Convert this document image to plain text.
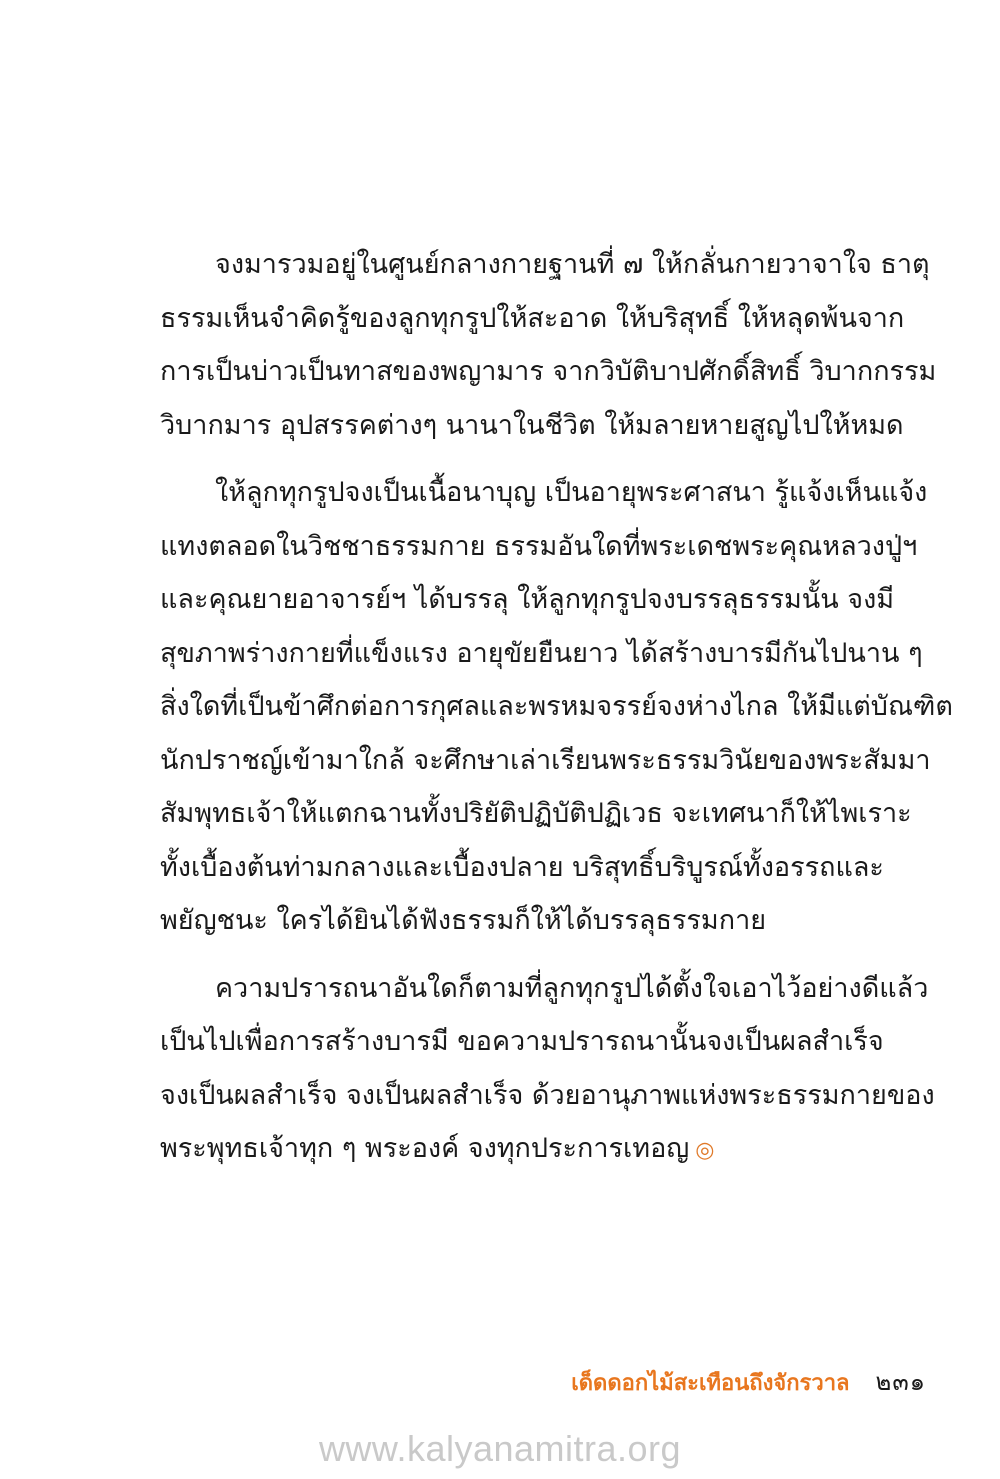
จงมารวมอยู่ในศูนย์กลางกายฐานที่ ๗ ให้กลั่นกายวาจาใจ ธาตุ
ธรรมเห็นจำคิดรู้ของลูกทุกรูปให้สะอาด ให้บริสุทธิ์ ให้หลุดพ้นจาก
การเป็นบ่าวเป็นทาสของพญามาร จากวิบัติบาปศักดิ์สิทธิ์ วิบากกรรม
วิบากมาร อุปสรรคต่างๆ นานาในชีวิต ให้มลายหายสูญไปให้หมด

ให้ลูกทุกรูปจงเป็นเนื้อนาบุญ เป็นอายุพระศาสนา รู้แจ้งเห็นแจ้ง
แทงตลอดในวิชชาธรรมกาย ธรรมอันใดที่พระเดชพระคุณหลวงปู่ฯ
และคุณยายอาจารย์ฯ ได้บรรลุ ให้ลูกทุกรูปจงบรรลุธรรมนั้น จงมี
สุขภาพร่างกายที่แข็งแรง อายุขัยยืนยาว ได้สร้างบารมีกันไปนาน ๆ
สิ่งใดที่เป็นข้าศึกต่อการกุศลและพรหมจรรย์จงห่างไกล ให้มีแต่บัณฑิต
นักปราชญ์เข้ามาใกล้ จะศึกษาเล่าเรียนพระธรรมวินัยของพระสัมมา
สัมพุทธเจ้าให้แตกฉานทั้งปริยัติปฏิบัติปฏิเวธ จะเทศนาก็ให้ไพเราะ
ทั้งเบื้องต้นท่ามกลางและเบื้องปลาย บริสุทธิ์บริบูรณ์ทั้งอรรถและ
พยัญชนะ ใครได้ยินได้ฟังธรรมก็ให้ได้บรรลุธรรมกาย

ความปรารถนาอันใดก็ตามที่ลูกทุกรูปได้ตั้งใจเอาไว้อย่างดีแล้ว
เป็นไปเพื่อการสร้างบารมี ขอความปรารถนานั้นจงเป็นผลสำเร็จ
จงเป็นผลสำเร็จ จงเป็นผลสำเร็จ ด้วยอานุภาพแห่งพระธรรมกายของ
พระพุทธเจ้าทุก ๆ พระองค์ จงทุกประการเทอญ ◎

เด็ดดอกไม้สะเทือนถึงจักรวาล ๒๓๑
www.kalyanamitra.org
